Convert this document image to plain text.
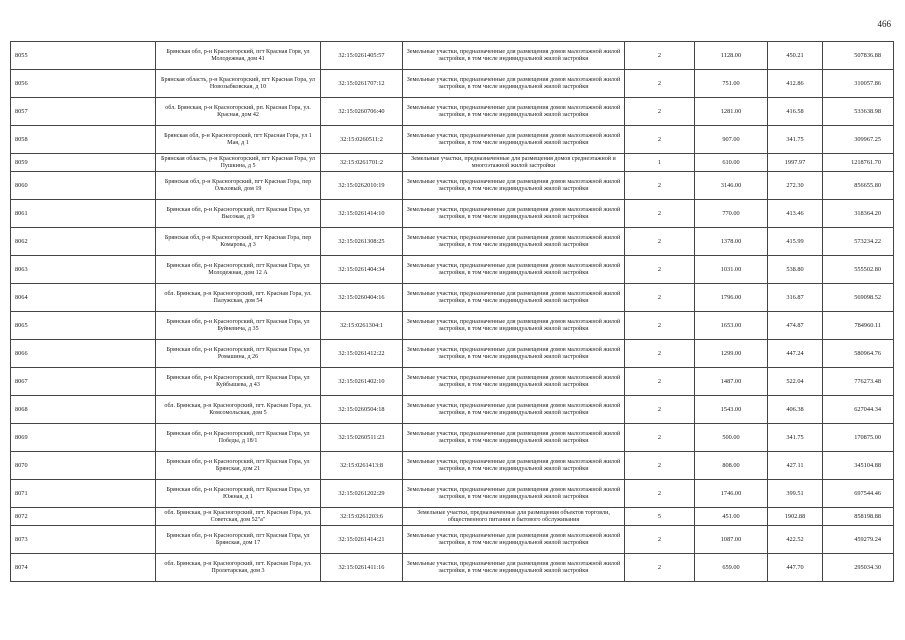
466
8055	Брянская обл, р-н Красногорский, пгт Красная Горя, ул Молодежная, дом 41	32:15:0261405:57	Земельные участки, предназначенные для размещения домов малоэтажной жилой застройки, в том числе индивидуальной жилой застройки	2	1128.00	450.21	507836.88
8056	Брянская область, р-н Красногорский, пгт Красная Гора, ул Новозыбковская, д 10	32:15:0261707:12	Земельные участки, предназначенные для размещения домов малоэтажной жилой застройки, в том числе индивидуальной жилой застройки	2	751.00	412.86	310057.86
8057	обл. Брянская, р-н Красногорский, рп. Красная Гора, ул. Красная, дом 42	32:15:0260706:40	Земельные участки, предназначенные для размещения домов малоэтажной жилой застройки, в том числе индивидуальной жилой застройки	2	1281.00	416.58	533638.98
8058	Брянская обл, р-н Красногорский, пгт Красная Гора, ул 1 Мая, д 1	32:15:0260511:2	Земельные участки, предназначенные для размещения домов малоэтажной жилой застройки, в том числе индивидуальной жилой застройки	2	907.00	341.75	309967.25
8059	Брянская область, р-н Красногорский, пгт Красная Гора, ул Пушкина, д 5	32:15:0261701:2	Земельные участки, предназначенные для размещения домов среднеэтажной и многоэтажной жилой застройки	1	610.00	1997.97	1218761.70
8060	Брянская обл, р-н Красногорский, пгт Красная Гора, пер Ольховый, дом 19	32:15:0262010:19	Земельные участки, предназначенные для размещения домов малоэтажной жилой застройки, в том числе индивидуальной жилой застройки	2	3146.00	272.30	856655.80
8061	Брянская обл, р-н Красногорский, пгт Красная Гора, ул Высокая, д 9	32:15:0261414:10	Земельные участки, предназначенные для размещения домов малоэтажной жилой застройки, в том числе индивидуальной жилой застройки	2	770.00	413.46	318364.20
8062	Брянская обл, р-н Красногорский, пгт Красная Гора, пер Комарова, д 3	32:15:0261308:25	Земельные участки, предназначенные для размещения домов малоэтажной жилой застройки, в том числе индивидуальной жилой застройки	2	1378.00	415.99	573234.22
8063	Брянская обл, р-н Красногорский, пгт Красная Гора, ул Молодежная, дом 12 А	32:15:0261404:34	Земельные участки, предназначенные для размещения домов малоэтажной жилой застройки, в том числе индивидуальной жилой застройки	2	1031.00	538.80	555502.80
8064	обл. Брянская, р-н Красногорский, пгт. Красная Гора, ул. Палужская, дом 54	32:15:0260404:16	Земельные участки, предназначенные для размещения домов малоэтажной жилой застройки, в том числе индивидуальной жилой застройки	2	1796.00	316.87	569098.52
8065	Брянская обл, р-н Красногорский, пгт Красная Гора, ул Буйневича, д 35	32:15:0261304:1	Земельные участки, предназначенные для размещения домов малоэтажной жилой застройки, в том числе индивидуальной жилой застройки	2	1653.00	474.87	784960.11
8066	Брянская обл, р-н Красногорский, пгт Красная Гора, ул Ромашина, д 26	32:15:0261412:22	Земельные участки, предназначенные для размещения домов малоэтажной жилой застройки, в том числе индивидуальной жилой застройки	2	1299.00	447.24	580964.76
8067	Брянская обл, р-н Красногорский, пгт Красная Гора, ул Куйбышева, д 43	32:15:0261402:10	Земельные участки, предназначенные для размещения домов малоэтажной жилой застройки, в том числе индивидуальной жилой застройки	2	1487.00	522.04	776273.48
8068	обл. Брянская, р-н Красногорский, пгт. Красная Гора, ул. Комсомольская, дом 5	32:15:0260504:18	Земельные участки, предназначенные для размещения домов малоэтажной жилой застройки, в том числе индивидуальной жилой застройки	2	1543.00	406.38	627044.34
8069	Брянская обл, р-н Красногорский, пгт Красная Гора, ул Победы, д 18/1	32:15:0260511:23	Земельные участки, предназначенные для размещения домов малоэтажной жилой застройки, в том числе индивидуальной жилой застройки	2	500.00	341.75	170875.00
8070	Брянская обл, р-н Красногорский, пгт Красная Гора, ул Брянская, дом 21	32:15:0261413:8	Земельные участки, предназначенные для размещения домов малоэтажной жилой застройки, в том числе индивидуальной жилой застройки	2	808.00	427.11	345104.88
8071	Брянская обл, р-н Красногорский, пгт Красная Гора, ул Южная, д 1	32:15:0261202:29	Земельные участки, предназначенные для размещения домов малоэтажной жилой застройки, в том числе индивидуальной жилой застройки	2	1746.00	399.51	697544.46
8072	обл. Брянская, р-н Красногорский, пгт. Красная Гора, ул. Советская, дом 52"а"	32:15:0261203:6	Земельные участки, предназначенные для размещения объектов торговли, общественного питания и бытового обслуживания	5	451.00	1902.88	858198.88
8073	Брянская обл, р-н Красногорский, пгт Красная Гора, ул Брянская, дом 17	32:15:0261414:21	Земельные участки, предназначенные для размещения домов малоэтажной жилой застройки, в том числе индивидуальной жилой застройки	2	1087.00	422.52	459279.24
8074	обл. Брянская, р-н Красногорский, пгт. Красная Гора, ул. Пролетарская, дом 3	32:15:0261411:16	Земельные участки, предназначенные для размещения домов малоэтажной жилой застройки, в том числе индивидуальной жилой застройки	2	659.00	447.70	295034.30
